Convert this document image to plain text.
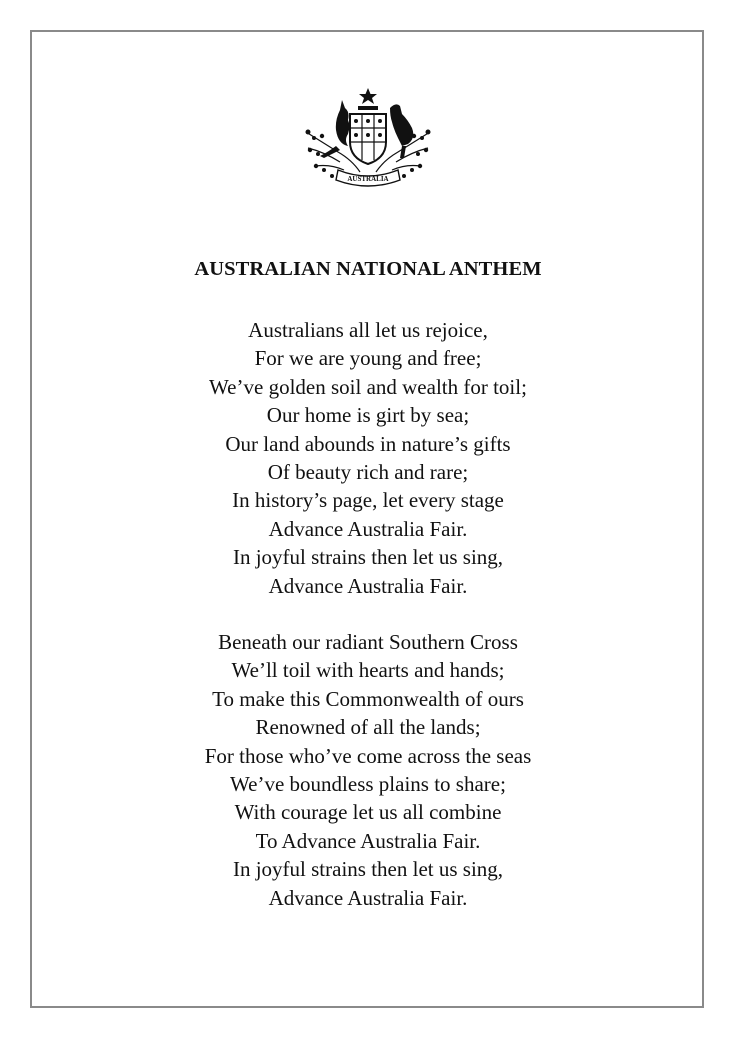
AUSTRALIA
AUSTRALIAN NATIONAL ANTHEM
Australians all let us rejoice,
For we are young and free;
We’ve golden soil and wealth for toil;
Our home is girt by sea;
Our land abounds in nature’s gifts
Of beauty rich and rare;
In history’s page, let every stage
Advance Australia Fair.
In joyful strains then let us sing,
Advance Australia Fair.
Beneath our radiant Southern Cross
We’ll toil with hearts and hands;
To make this Commonwealth of ours
Renowned of all the lands;
For those who’ve come across the seas
We’ve boundless plains to share;
With courage let us all combine
To Advance Australia Fair.
In joyful strains then let us sing,
Advance Australia Fair.
